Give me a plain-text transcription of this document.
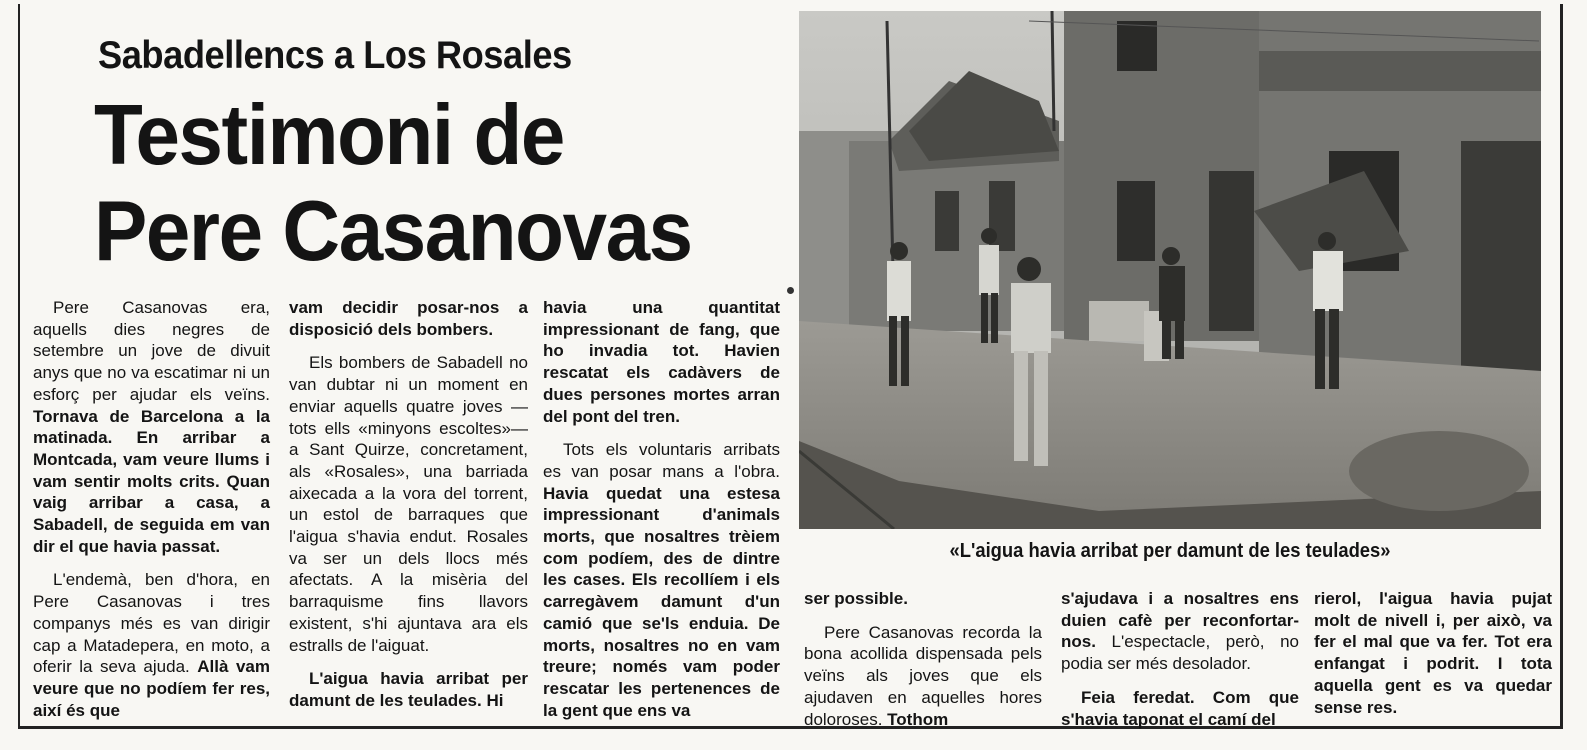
Sabadellencs a Los Rosales
Testimoni de
Pere Casanovas

Pere Casanovas era, aquells dies negres de setembre un jove de divuit anys que no va escatimar ni un esforç per ajudar els veïns. Tornava de Barcelona a la matinada. En arribar a Montcada, vam veure llums i vam sentir molts crits. Quan vaig arribar a casa, a Sabadell, de seguida em van dir el que havia passat.

L'endemà, ben d'hora, en Pere Casanovas i tres companys més es van dirigir cap a Matadepera, en moto, a oferir la seva ajuda. Allà vam veure que no podíem fer res, així és que

vam decidir posar-nos a disposició dels bombers.

Els bombers de Sabadell no van dubtar ni un moment en enviar aquells quatre joves —tots ells «minyons escoltes»— a Sant Quirze, concretament, als «Rosales», una barriada aixecada a la vora del torrent, un estol de barraques que l'aigua s'havia endut. Rosales va ser un dels llocs més afectats. A la misèria del barraquisme fins llavors existent, s'hi ajuntava ara els estralls de l'aiguat.

L'aigua havia arribat per damunt de les teulades. Hi

havia una quantitat impressionant de fang, que ho invadia tot. Havien rescatat els cadàvers de dues persones mortes arran del pont del tren.

Tots els voluntaris arribats es van posar mans a l'obra. Havia quedat una estesa impressionant d'animals morts, que nosaltres trèiem com podíem, des de dintre les cases. Els recollíem i els carregàvem damunt d'un camió que se'ls enduia. De morts, nosaltres no en vam treure; només vam poder rescatar les pertenences de la gent que ens va

«L'aigua havia arribat per damunt de les teulades»

ser possible.

Pere Casanovas recorda la bona acollida dispensada pels veïns als joves que els ajudaven en aquelles hores doloroses. Tothom

s'ajudava i a nosaltres ens duien cafè per reconfortar-nos. L'espectacle, però, no podia ser més desolador.

Feia feredat. Com que s'havia taponat el camí del

rierol, l'aigua havia pujat molt de nivell i, per això, va fer el mal que va fer. Tot era enfangat i podrit. I tota aquella gent es va quedar sense res.
